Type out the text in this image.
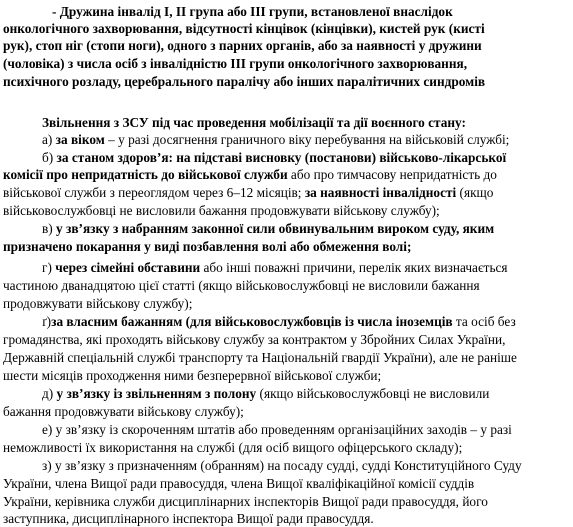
- Дружина інвалід І, ІІ група або ІІІ групи, встановленої внаслідок
онкологічного захворювання, відсутності кінцівок (кінцівки), кистей рук (кисті
рук), стоп ніг (стопи ноги), одного з парних органів, або за наявності у дружини
(чоловіка) з числа осіб з інвалідністю ІІІ групи онкологічного захворювання,
психічного розладу, церебрального паралічу або інших паралітичних синдромів
Звільнення з ЗСУ під час проведення мобілізації та дії воєнного стану:
а) за віком – у разі досягнення граничного віку перебування на військовій службі;
б) за станом здоров’я: на підставі висновку (постанови) військово-лікарської
комісії про непридатність до військової служби або про тимчасову непридатність до
військової служби з переоглядом через 6–12 місяців; за наявності інвалідності (якщо
військовослужбовці не висловили бажання продовжувати військову службу);
в) у зв’язку з набранням законної сили обвинувальним вироком суду, яким
призначено покарання у виді позбавлення волі або обмеження волі;
г) через сімейні обставини або інші поважні причини, перелік яких визначається
частиною дванадцятою цієї статті (якщо військовослужбовці не висловили бажання
продовжувати військову службу);
ґ)за власним бажанням (для військовослужбовців із числа іноземців та осіб без
громадянства, які проходять військову службу за контрактом у Збройних Силах України,
Державній спеціальній службі транспорту та Національній гвардії України), але не раніше
шести місяців проходження ними безперервної військової служби;
д) у зв’язку із звільненням з полону (якщо військовослужбовці не висловили
бажання продовжувати військову службу);
е) у зв’язку із скороченням штатів або проведенням організаційних заходів – у разі
неможливості їх використання на службі (для осіб вищого офіцерського складу);
з) у зв’язку з призначенням (обранням) на посаду судді, судді Конституційного Суду
України, члена Вищої ради правосуддя, члена Вищої кваліфікаційної комісії суддів
України, керівника служби дисциплінарних інспекторів Вищої ради правосуддя, його
заступника, дисциплінарного інспектора Вищої ради правосуддя.
